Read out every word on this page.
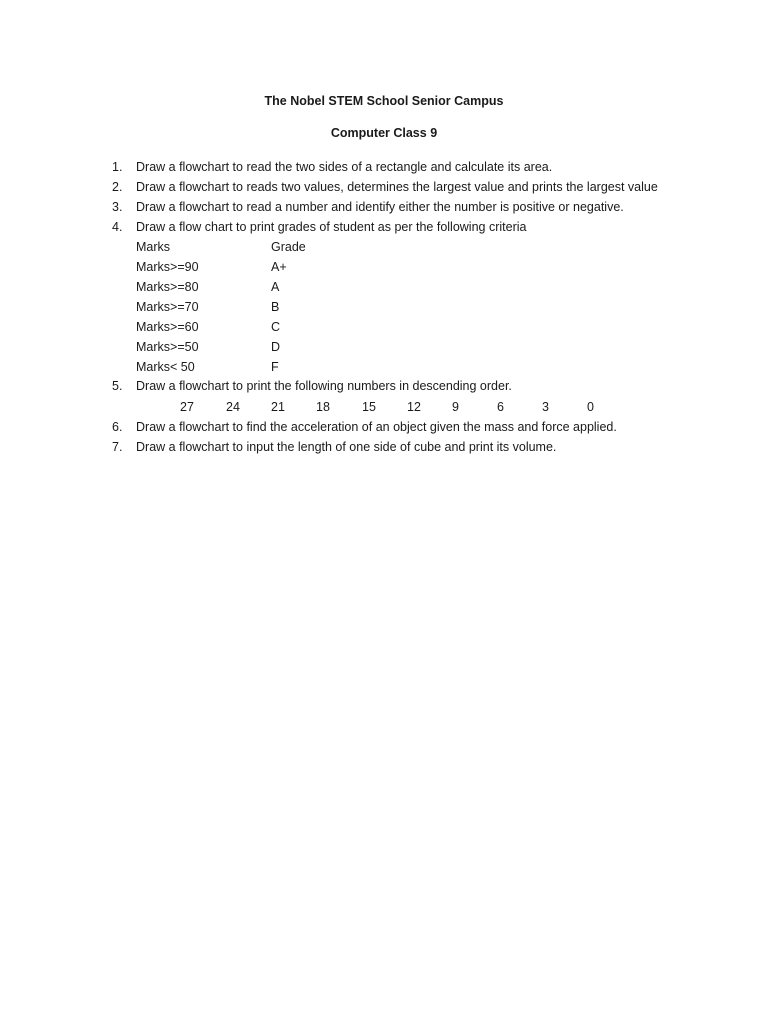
The Nobel STEM School Senior Campus
Computer Class 9
1.	Draw a flowchart to read the two sides of a rectangle and calculate its area.
2.	Draw a flowchart to reads two values, determines the largest value and prints the largest value
3.	Draw a flowchart to read a number and identify either the number is positive or negative.
4.	Draw a flow chart to print grades of student as per the following criteria
Marks	Grade
Marks>=90	A+
Marks>=80	A
Marks>=70	B
Marks>=60	C
Marks>=50	D
Marks< 50	F
5.	Draw a flowchart to print the following numbers in descending order.
27	24 21 18	15 12 9	6	3	0
6.	Draw a flowchart to find the acceleration of an object given the mass and force applied.
7.	Draw a flowchart to input the length of one side of cube and print its volume.
